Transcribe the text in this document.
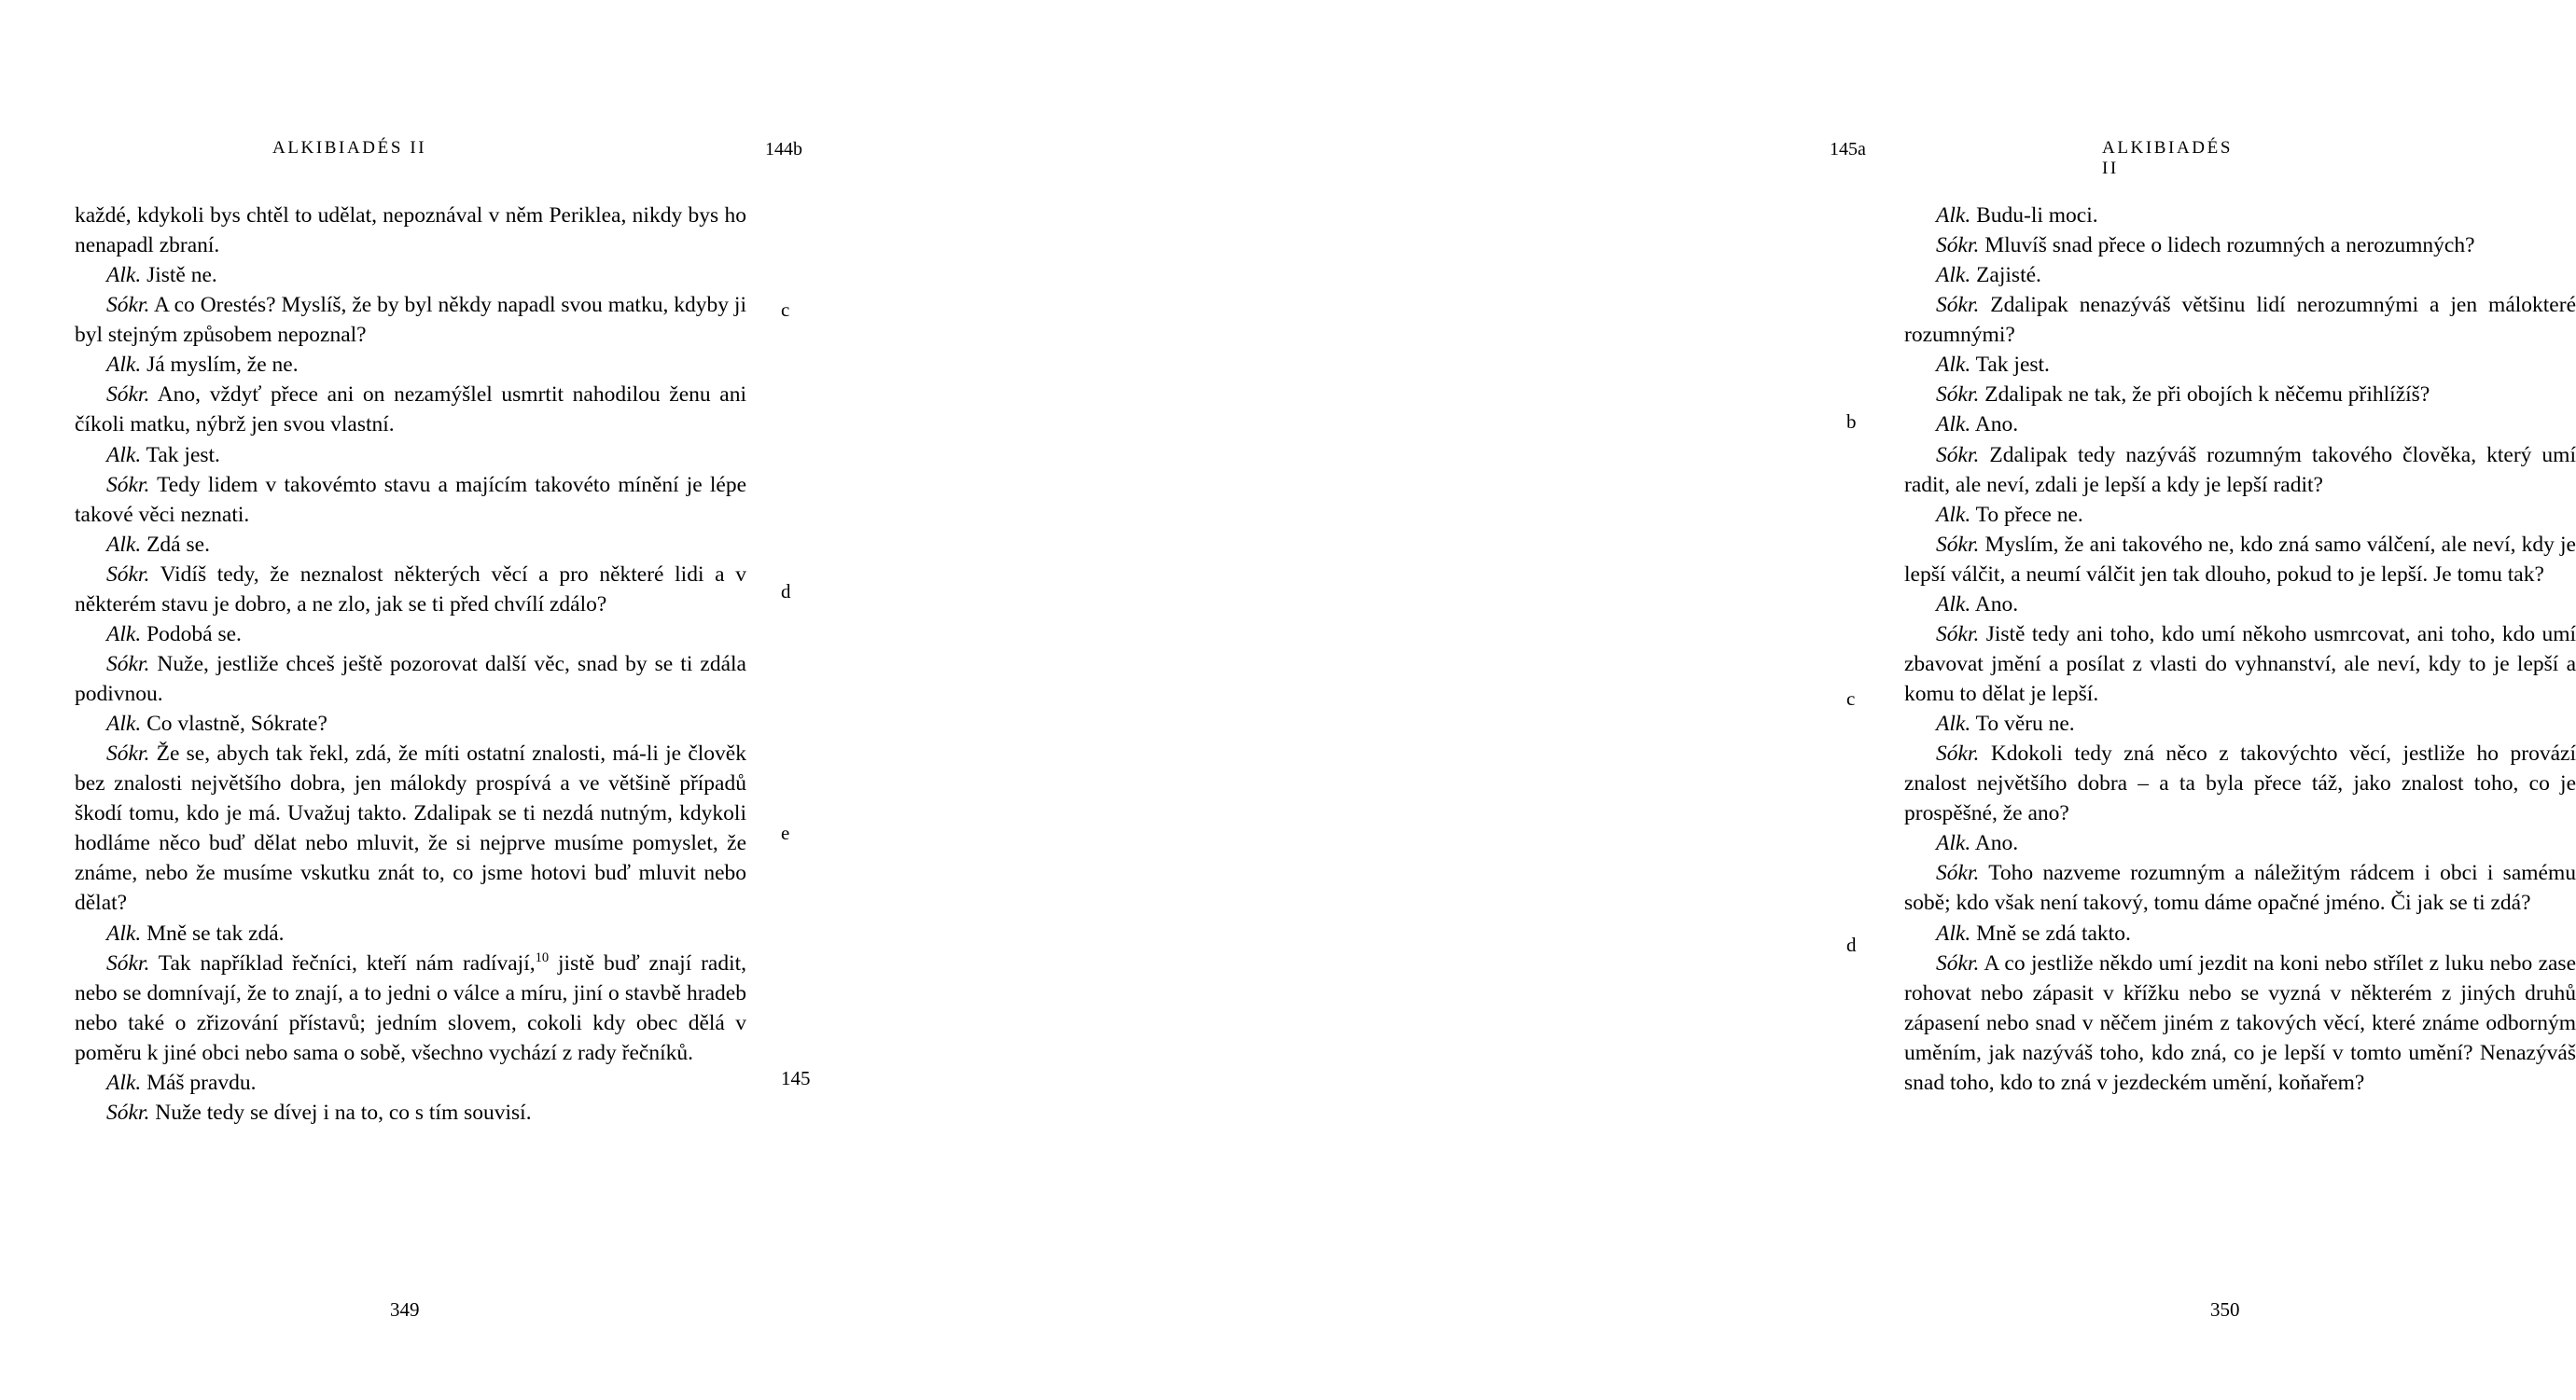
ALKIBIADÉS II	144b

každé, kdykoli bys chtěl to udělat, nepoznával v něm Periklea, nikdy bys ho nenapadl zbraní.

Alk. Jistě ne.

Sókr. A co Orestés? Myslíš, že by byl někdy napadl svou matku, kdyby ji byl stejným způsobem nepoznal?

Alk. Já myslím, že ne.

Sókr. Ano, vždyť přece ani on nezamýšlel usmrtit nahodilou ženu ani číkoli matku, nýbrž jen svou vlastní.

Alk. Tak jest.

Sókr. Tedy lidem v takovémto stavu a majícím takovéto mínění je lépe takové věci neznati.

Alk. Zdá se.

Sókr. Vidíš tedy, že neznalost některých věcí a pro některé lidi a v některém stavu je dobro, a ne zlo, jak se ti před chvílí zdálo?

Alk. Podobá se.

Sókr. Nuže, jestliže chceš ještě pozorovat další věc, snad by se ti zdála podivnou.

Alk. Co vlastně, Sókrate?

Sókr. Že se, abych tak řekl, zdá, že míti ostatní znalosti, má-li je člověk bez znalosti největšího dobra, jen málokdy prospívá a ve většině případů škodí tomu, kdo je má. Uvažuj takto. Zdalipak se ti nezdá nutným, kdykoli hodláme něco buď dělat nebo mluvit, že si nejprve musíme pomyslet, že známe, nebo že musíme vskutku znát to, co jsme hotovi buď mluvit nebo dělat?

Alk. Mně se tak zdá.

Sókr. Tak například řečníci, kteří nám radívají,$^{10}$ jistě buď znají radit, nebo se domnívají, že to znají, a to jedni o válce a míru, jiní o stavbě hradeb nebo také o zřizování přístavů; jedním slovem, cokoli kdy obec dělá v poměru k jiné obci nebo sama o sobě, všechno vychází z rady řečníků.

Alk. Máš pravdu.

Sókr. Nuže tedy se dívej i na to, co s tím souvisí.

c
d
e
145
349
145a	ALKIBIADÉS II

Alk. Budu-li moci.

Sókr. Mluvíš snad přece o lidech rozumných a nerozumných?

Alk. Zajisté.

Sókr. Zdalipak nenazýváš většinu lidí nerozumnými a jen málokteré rozumnými?

Alk. Tak jest.

Sókr. Zdalipak ne tak, že při obojích k něčemu přihlížíš?

Alk. Ano.

Sókr. Zdalipak tedy nazýváš rozumným takového člověka, který umí radit, ale neví, zdali je lepší a kdy je lepší radit?

Alk. To přece ne.

Sókr. Myslím, že ani takového ne, kdo zná samo válčení, ale neví, kdy je lepší válčit, a neumí válčit jen tak dlouho, pokud to je lepší. Je tomu tak?

Alk. Ano.

Sókr. Jistě tedy ani toho, kdo umí někoho usmrcovat, ani toho, kdo umí zbavovat jmění a posílat z vlasti do vyhnanství, ale neví, kdy to je lepší a komu to dělat je lepší.

Alk. To věru ne.

Sókr. Kdokoli tedy zná něco z takovýchto věcí, jestliže ho provází znalost největšího dobra – a ta byla přece táž, jako znalost toho, co je prospěšné, že ano?

Alk. Ano.

Sókr. Toho nazveme rozumným a náležitým rádcem i obci i samému sobě; kdo však není takový, tomu dáme opačné jméno. Či jak se ti zdá?

Alk. Mně se zdá takto.

Sókr. A co jestliže někdo umí jezdit na koni nebo střílet z luku nebo zase rohovat nebo zápasit v křížku nebo se vyzná v některém z jiných druhů zápasení nebo snad v něčem jiném z takových věcí, které známe odborným uměním, jak nazýváš toho, kdo zná, co je lepší v tomto umění? Nenazýváš snad toho, kdo to zná v jezdeckém umění, koňařem?

b
c
d
350
